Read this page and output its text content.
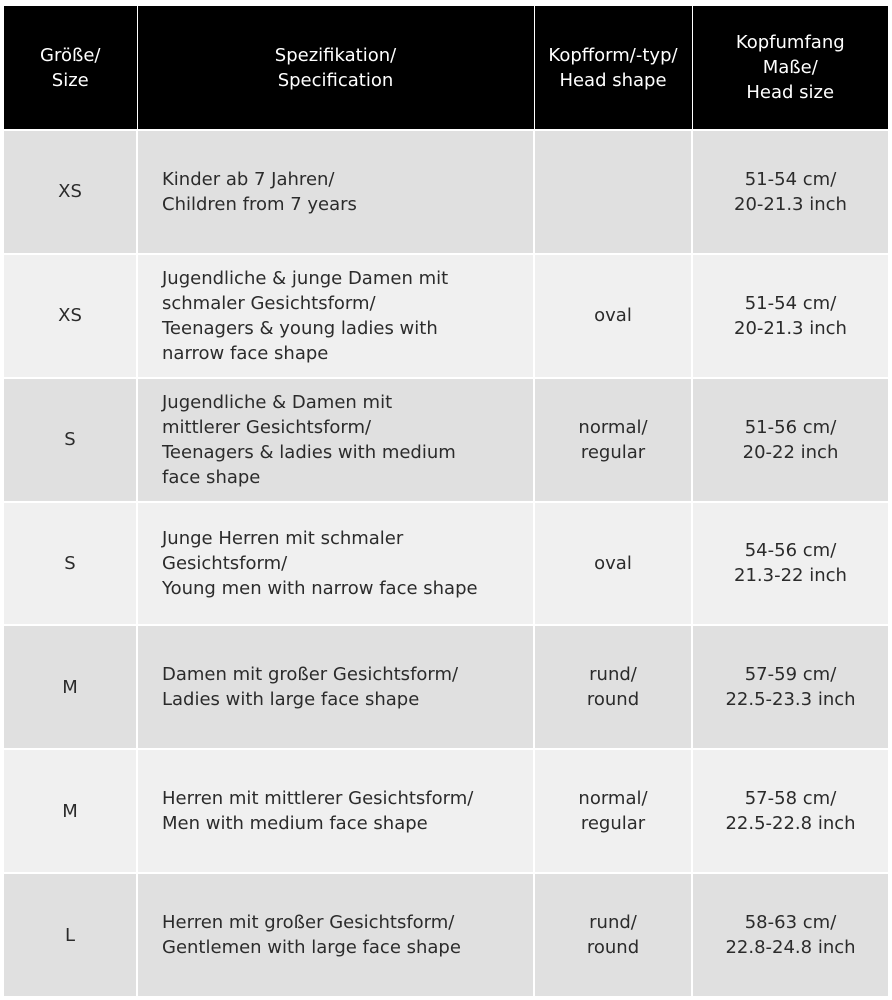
Größe/
Size	Spezifikation/
Specification	Kopfform/-typ/
Head shape	Kopfumfang
Maße/
Head size
XS	Kinder ab 7 Jahren/
Children from 7 years		51-54 cm/
20-21.3 inch
XS	Jugendliche & junge Damen mit
schmaler Gesichtsform/
Teenagers & young ladies with
narrow face shape	oval	51-54 cm/
20-21.3 inch
S	Jugendliche & Damen mit
mittlerer Gesichtsform/
Teenagers & ladies with medium
face shape	normal/
regular	51-56 cm/
20-22 inch
S	Junge Herren mit schmaler
Gesichtsform/
Young men with narrow face shape	oval	54-56 cm/
21.3-22 inch
M	Damen mit großer Gesichtsform/
Ladies with large face shape	rund/
round	57-59 cm/
22.5-23.3 inch
M	Herren mit mittlerer Gesichtsform/
Men with medium face shape	normal/
regular	57-58 cm/
22.5-22.8 inch
L	Herren mit großer Gesichtsform/
Gentlemen with large face shape	rund/
round	58-63 cm/
22.8-24.8 inch
